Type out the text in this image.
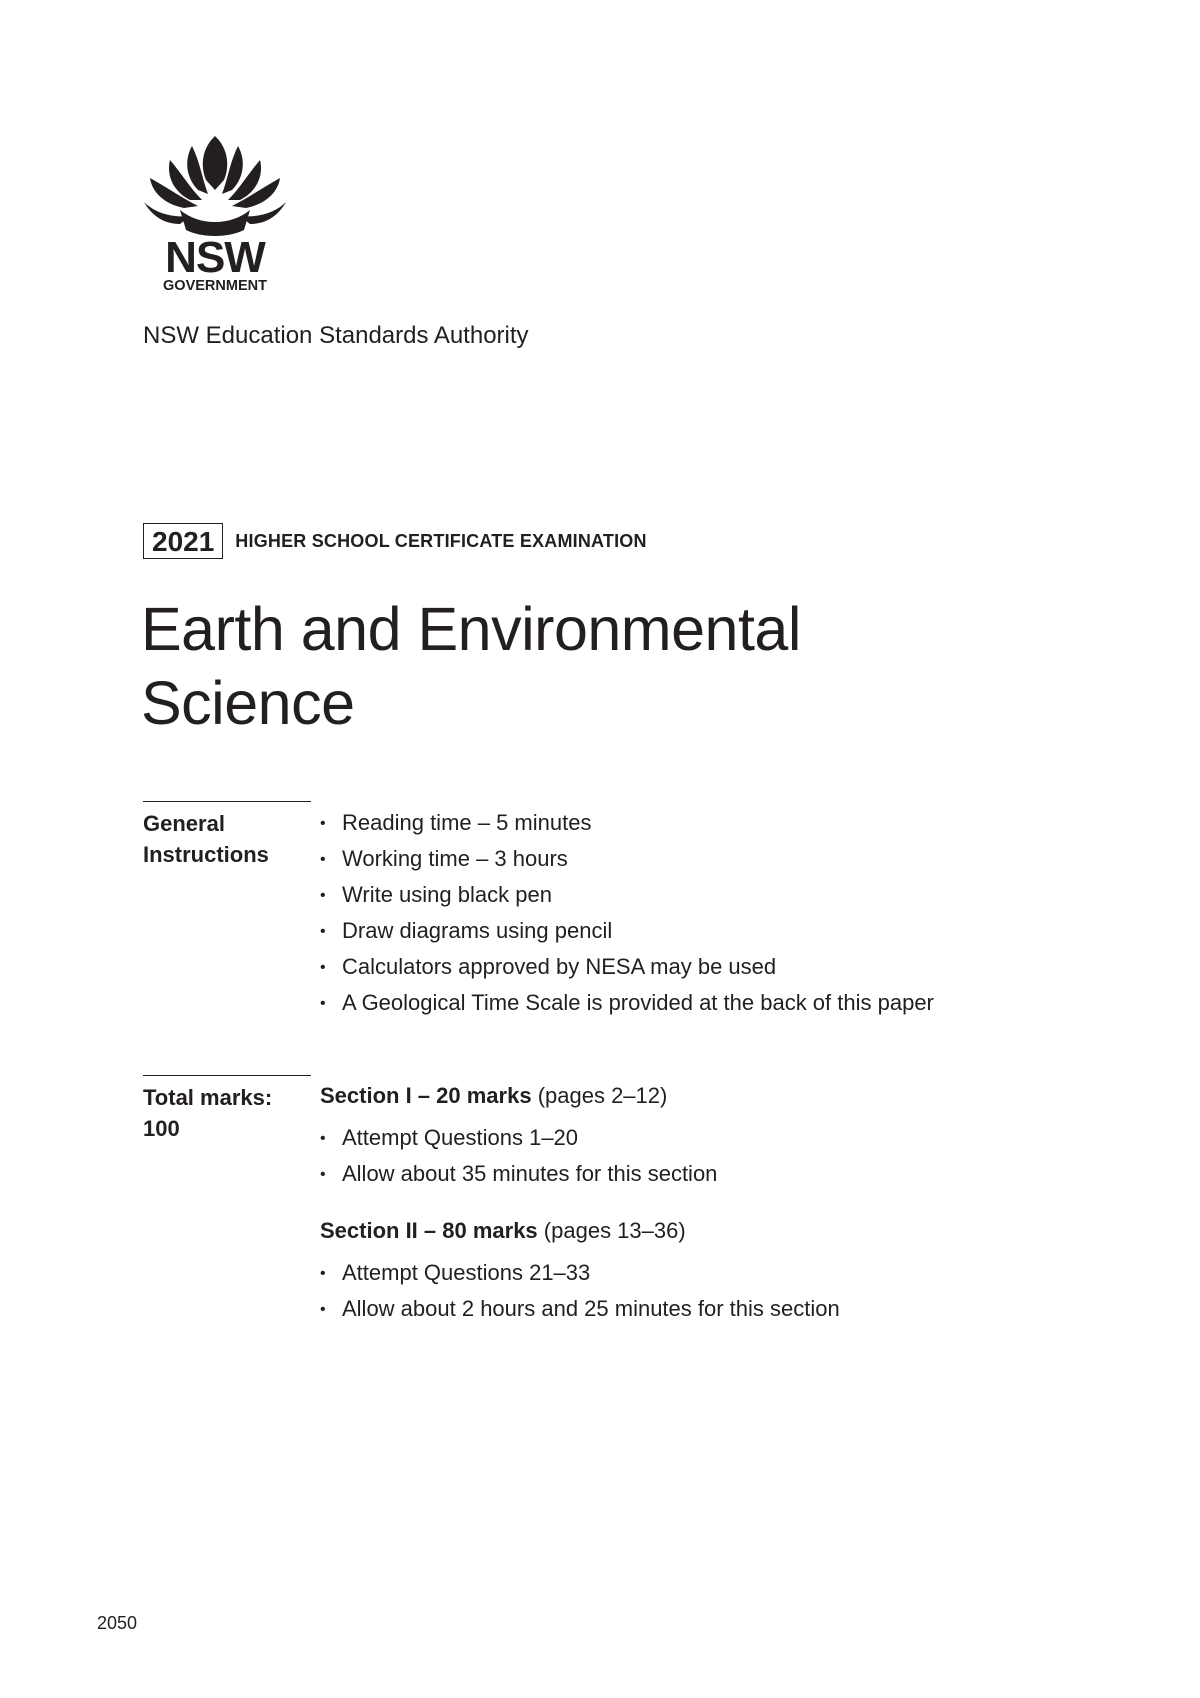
NSW
GOVERNMENT
NSW Education Standards Authority
2021	HIGHER SCHOOL CERTIFICATE EXAMINATION
Earth and Environmental
Science
General
Instructions
• Reading time – 5 minutes
• Working time – 3 hours
• Write using black pen
• Draw diagrams using pencil
• Calculators approved by NESA may be used
• A Geological Time Scale is provided at the back of this paper
Total marks:
100
Section I – 20 marks (pages 2–12)
• Attempt Questions 1–20
• Allow about 35 minutes for this section
Section II – 80 marks (pages 13–36)
• Attempt Questions 21–33
• Allow about 2 hours and 25 minutes for this section
2050
